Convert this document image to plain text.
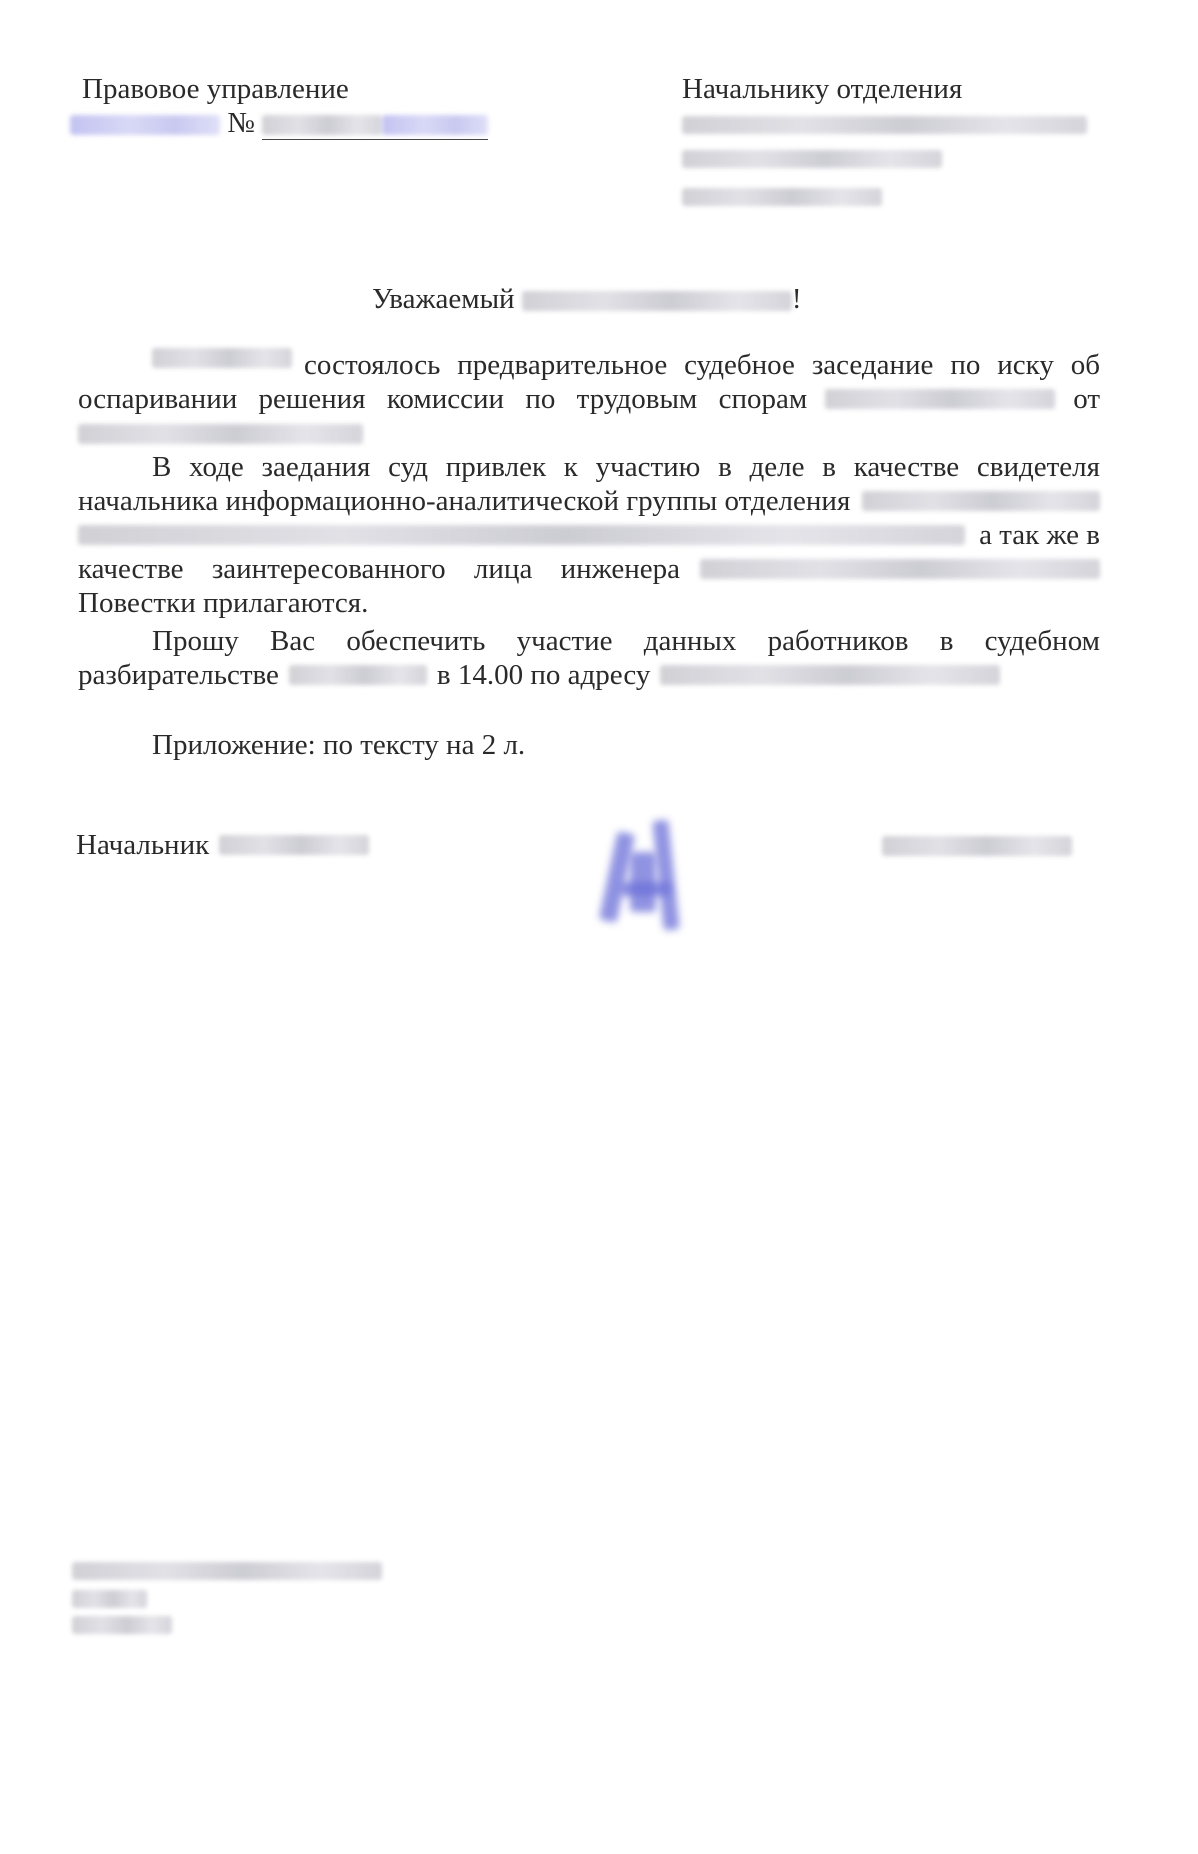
Правовое управление
№
Начальнику отделения
Уважаемый	!
состоялось предварительное судебное заседание по иску об
оспаривании решения комиссии по трудовым спорам	от
В ходе заедания суд привлек к участию в деле в качестве свидетеля
начальника информационно-аналитической группы отделения
а так же в
качестве заинтересованного лица инженера
Повестки прилагаются.
Прошу Вас обеспечить участие данных работников в судебном
разбирательстве	в 14.00 по адресу
Приложение: по тексту на 2 л.
Начальник
